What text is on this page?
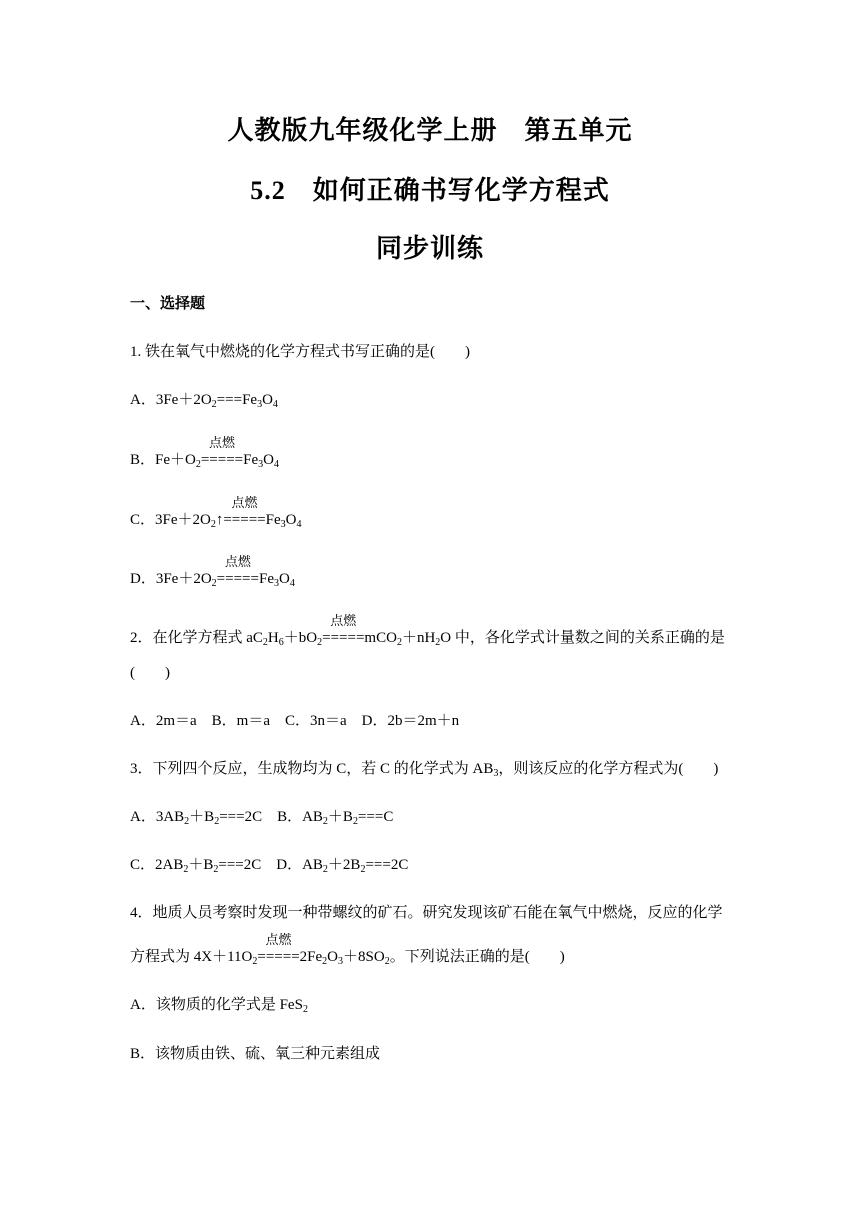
人教版九年级化学上册　第五单元
5.2　如何正确书写化学方程式
同步训练
一、选择题
1. 铁在氧气中燃烧的化学方程式书写正确的是(　　)
A．$3Fe+2O_2===Fe_3O_4$
B．$Fe+O_2$
点燃
$=====Fe_3O_4$
C．$3Fe+2O_2↑$
点燃
$=====Fe_3O_4$
D．$3Fe+2O_2$
点燃
$=====Fe_3O_4$
2．在化学方程式 $aC_2H_6+bO_2$
点燃
$=====mCO_2+nH_2O$ 中，各化学式计量数之间的关系正确的是
(　　)
A．2m＝a　B．m＝a　C．3n＝a　D．2b＝2m＋n
3．下列四个反应，生成物均为 C，若 C 的化学式为 $AB_3$，则该反应的化学方程式为(　　)
A．$3AB_2+B_2===2C$　B．$AB_2+B_2===C$
C．$2AB_2+B_2===2C$　D．$AB_2+2B_2===2C$
4．地质人员考察时发现一种带螺纹的矿石。研究发现该矿石能在氧气中燃烧，反应的化学
方程式为 $4X+11O_2$
点燃
$=====2Fe_2O_3+8SO_2$。下列说法正确的是(　　)
A．该物质的化学式是 FeS$_2$
B．该物质由铁、硫、氧三种元素组成
